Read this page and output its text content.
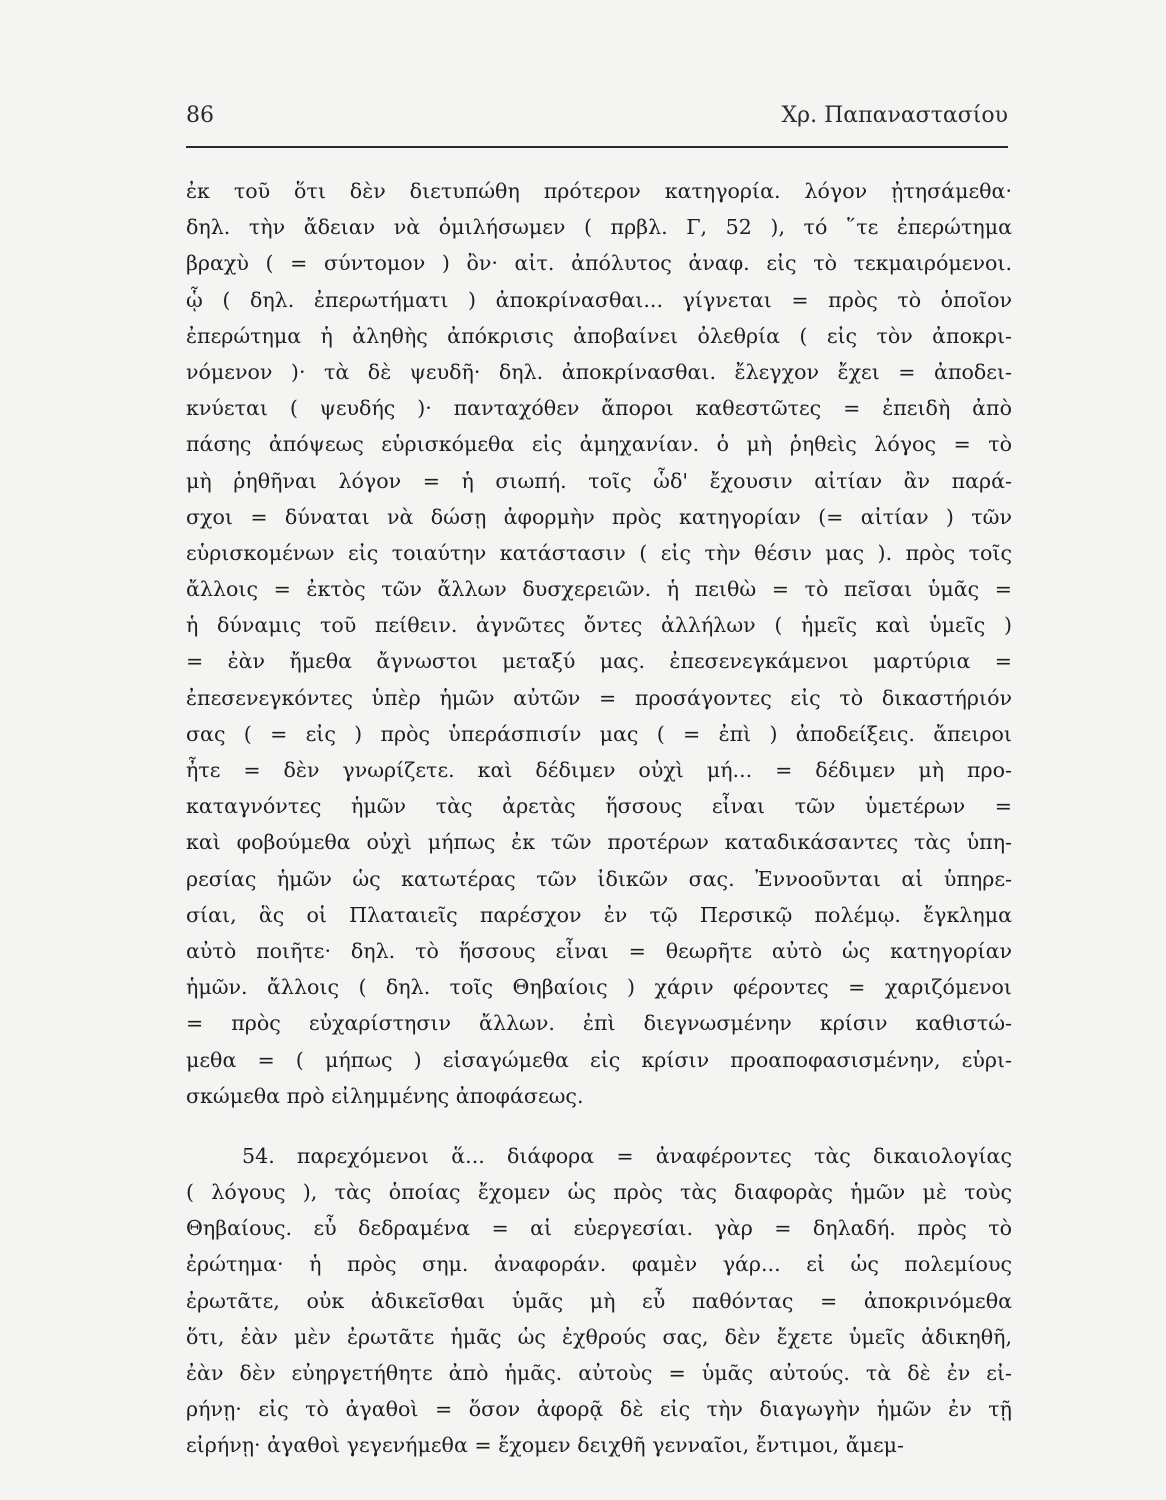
86	Χρ. Παπαναστασίου
ἐκ τοῦ ὅτι δὲν διετυπώθη πρότερον κατηγορία. λόγον ᾐτησάμεθα·
δηλ. τὴν ἄδειαν νὰ ὁμιλήσωμεν ( πρβλ. Γ, 52 ), τό ῞τε ἐπερώτημα
βραχὺ ( = σύντομον ) ὂν· αἰτ. ἀπόλυτος ἀναφ. εἰς τὸ τεκμαιρόμενοι.
ᾧ ( δηλ. ἐπερωτήματι ) ἀποκρίνασθαι... γίγνεται = πρὸς τὸ ὁποῖον
ἐπερώτημα ἡ ἀληθὴς ἀπόκρισις ἀποβαίνει ὀλεθρία ( εἰς τὸν ἀποκρι-
νόμενον )· τὰ δὲ ψευδῆ· δηλ. ἀποκρίνασθαι. ἔλεγχον ἔχει = ἀποδει-
κνύεται ( ψευδής )· πανταχόθεν ἄποροι καθεστῶτες = ἐπειδὴ ἀπὸ
πάσης ἀπόψεως εὑρισκόμεθα εἰς ἀμηχανίαν. ὁ μὴ ῥηθεὶς λόγος = τὸ
μὴ ῥηθῆναι λόγον = ἡ σιωπή. τοῖς ὧδ' ἔχουσιν αἰτίαν ἂν παρά-
σχοι = δύναται νὰ δώσῃ ἀφορμὴν πρὸς κατηγορίαν (= αἰτίαν ) τῶν
εὑρισκομένων εἰς τοιαύτην κατάστασιν ( εἰς τὴν θέσιν μας ). πρὸς τοῖς
ἄλλοις = ἐκτὸς τῶν ἄλλων δυσχερειῶν. ἡ πειθὼ = τὸ πεῖσαι ὑμᾶς =
ἡ δύναμις τοῦ πείθειν. ἀγνῶτες ὄντες ἀλλήλων ( ἡμεῖς καὶ ὑμεῖς )
= ἐὰν ἤμεθα ἄγνωστοι μεταξύ μας. ἐπεσενεγκάμενοι μαρτύρια =
ἐπεσενεγκόντες ὑπὲρ ἡμῶν αὐτῶν = προσάγοντες εἰς τὸ δικαστήριόν
σας ( = εἰς ) πρὸς ὑπεράσπισίν μας ( = ἐπὶ ) ἀποδείξεις. ἄπειροι
ἦτε = δὲν γνωρίζετε. καὶ δέδιμεν οὐχὶ μή... = δέδιμεν μὴ προ-
καταγνόντες ἡμῶν τὰς ἀρετὰς ἥσσους εἶναι τῶν ὑμετέρων =
καὶ φοβούμεθα οὐχὶ μήπως ἐκ τῶν προτέρων καταδικάσαντες τὰς ὑπη-
ρεσίας ἡμῶν ὡς κατωτέρας τῶν ἰδικῶν σας. Ἐννοοῦνται αἱ ὑπηρε-
σίαι, ἃς οἱ Πλαταιεῖς παρέσχον ἐν τῷ Περσικῷ πολέμῳ. ἔγκλημα
αὐτὸ ποιῆτε· δηλ. τὸ ἥσσους εἶναι = θεωρῆτε αὐτὸ ὡς κατηγορίαν
ἡμῶν. ἄλλοις ( δηλ. τοῖς Θηβαίοις ) χάριν φέροντες = χαριζόμενοι
= πρὸς εὐχαρίστησιν ἄλλων. ἐπὶ διεγνωσμένην κρίσιν καθιστώ-
μεθα = ( μήπως ) εἰσαγώμεθα εἰς κρίσιν προαποφασισμένην, εὑρι-
σκώμεθα πρὸ εἰλημμένης ἀποφάσεως.
54. παρεχόμενοι ἅ... διάφορα = ἀναφέροντες τὰς δικαιολογίας
( λόγους ), τὰς ὁποίας ἔχομεν ὡς πρὸς τὰς διαφορὰς ἡμῶν μὲ τοὺς
Θηβαίους. εὖ δεδραμένα = αἱ εὐεργεσίαι. γὰρ = δηλαδή. πρὸς τὸ
ἐρώτημα· ἡ πρὸς σημ. ἀναφοράν. φαμὲν γάρ... εἰ ὡς πολεμίους
ἐρωτᾶτε, οὐκ ἀδικεῖσθαι ὑμᾶς μὴ εὖ παθόντας = ἀποκρινόμεθα
ὅτι, ἐὰν μὲν ἐρωτᾶτε ἡμᾶς ὡς ἐχθρούς σας, δὲν ἔχετε ὑμεῖς ἀδικηθῆ,
ἐὰν δὲν εὐηργετήθητε ἀπὸ ἡμᾶς. αὐτοὺς = ὑμᾶς αὐτούς. τὰ δὲ ἐν εἰ-
ρήνῃ· εἰς τὸ ἀγαθοὶ = ὅσον ἀφορᾷ δὲ εἰς τὴν διαγωγὴν ἡμῶν ἐν τῇ
εἰρήνῃ· ἀγαθοὶ γεγενήμεθα = ἔχομεν δειχθῆ γενναῖοι, ἔντιμοι, ἄμεμ-
